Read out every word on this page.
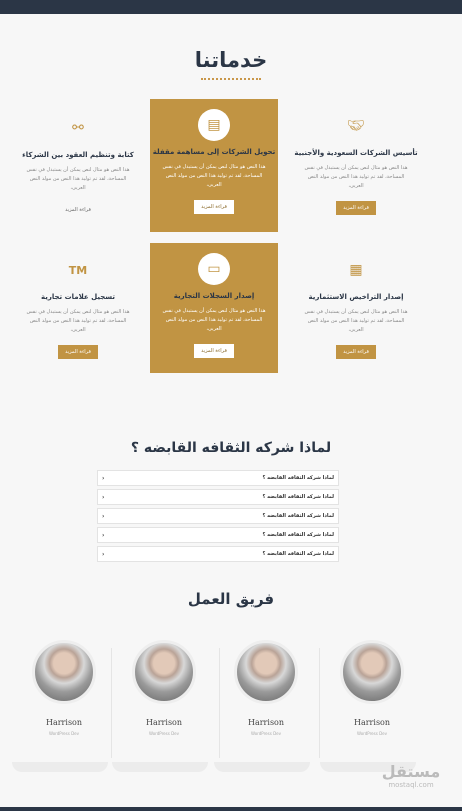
خدماتنا
🤝︎
تأسيس الشركات السعودية والأجنبية

هذا النص هو مثال لنص يمكن أن يستبدل في نفس المساحة، لقد تم توليد هذا النص من مولد النص العربى،

قراءة المزيد
▤
تحويل الشركات إلى مساهمة مقفلة

هذا النص هو مثال لنص يمكن أن يستبدل في نفس المساحة، لقد تم توليد هذا النص من مولد النص العربى،

قراءة المزيد
⚯
كتابة وتنظيم العقود بين الشركاء

هذا النص هو مثال لنص يمكن أن يستبدل في نفس المساحة، لقد تم توليد هذا النص من مولد النص العربى،

قراءة المزيد
▦
إصدار التراخيص الاستثمارية

هذا النص هو مثال لنص يمكن أن يستبدل في نفس المساحة، لقد تم توليد هذا النص من مولد النص العربى،

قراءة المزيد
▭
إصدار السجلات التجارية

هذا النص هو مثال لنص يمكن أن يستبدل في نفس المساحة، لقد تم توليد هذا النص من مولد النص العربى،

قراءة المزيد
TM
تسجيل علامات تجارية

هذا النص هو مثال لنص يمكن أن يستبدل في نفس المساحة، لقد تم توليد هذا النص من مولد النص العربى،

قراءة المزيد
لماذا شركه الثقافه القابضه ؟
لماذا شركه الثقافه القابضه ؟
‹
لماذا شركه الثقافه القابضه ؟
‹
لماذا شركه الثقافه القابضه ؟
‹
لماذا شركه الثقافه القابضه ؟
‹
لماذا شركه الثقافه القابضه ؟
‹
فريق العمل
Harrison
WordPress Dev
Harrison
WordPress Dev
Harrison
WordPress Dev
Harrison
WordPress Dev
مستقل
mostaql.com
